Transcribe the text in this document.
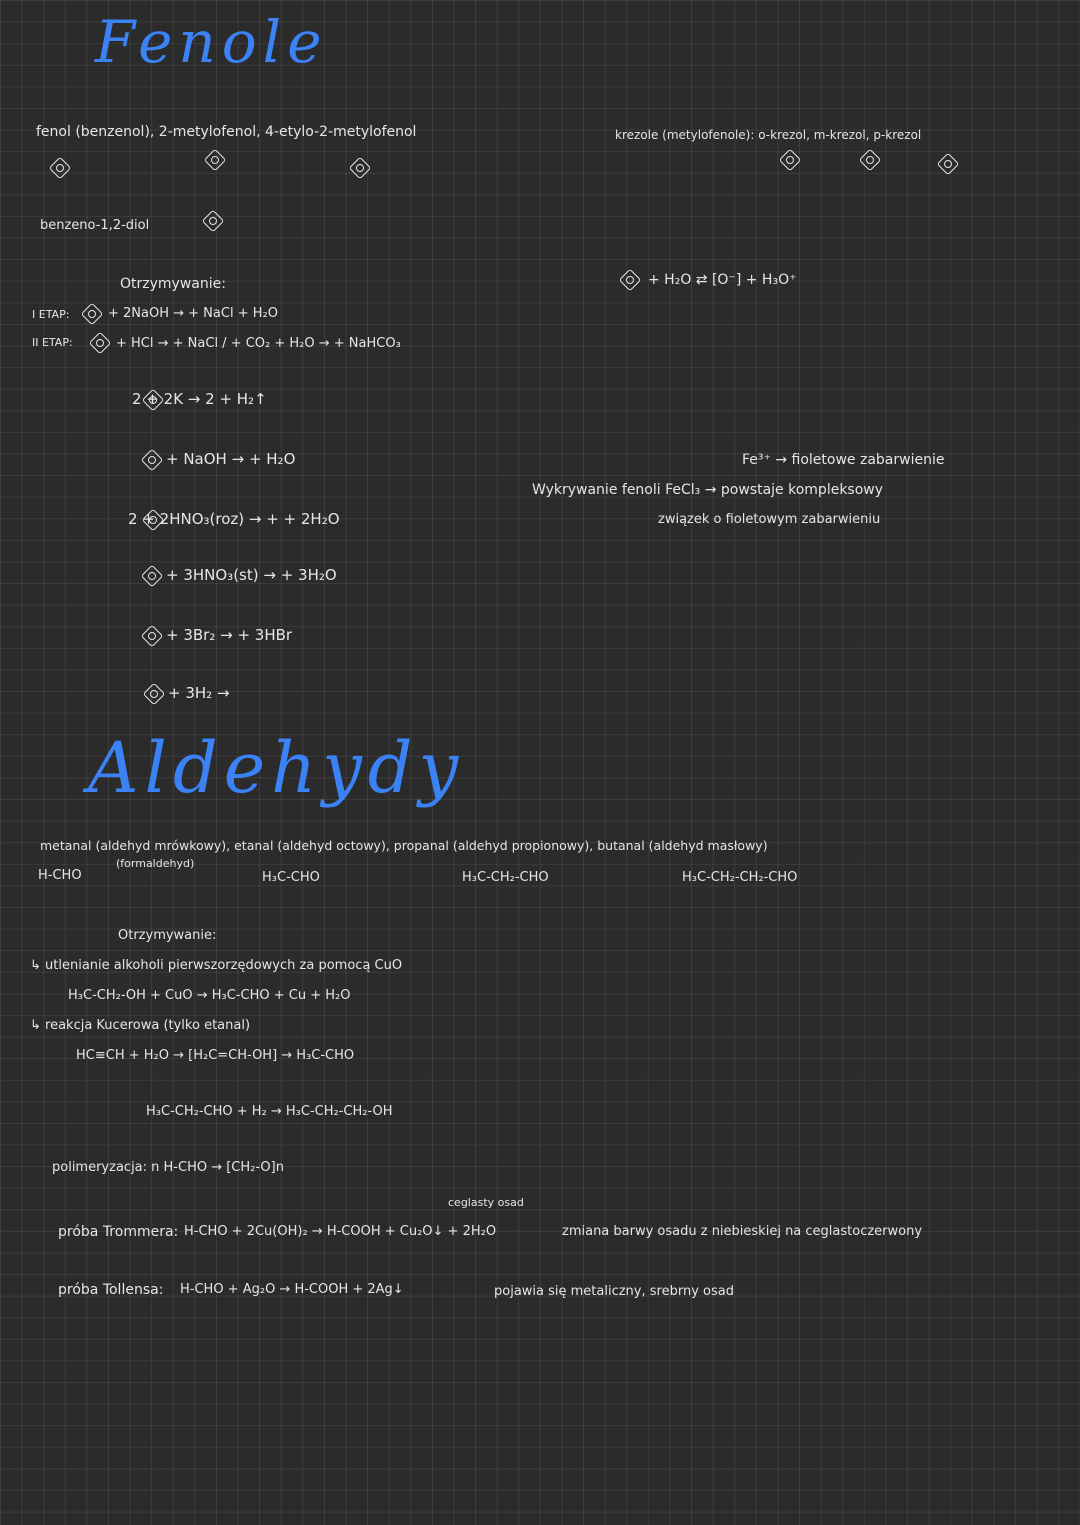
Fenole
fenol (benzenol), 2-metylofenol, 4-etylo-2-metylofenol
benzeno-1,2-diol
krezole (metylofenole): o-krezol, m-krezol, p-krezol
+ H₂O ⇄ [O⁻] + H₃O⁺
Otrzymywanie:
I ETAP:	+ 2NaOH → + NaCl + H₂O
II ETAP:	+ HCl → + NaCl / + CO₂ + H₂O → + NaHCO₃
2 + 2K → 2 + H₂↑
+ NaOH → + H₂O
2 + 2HNO₃(roz) → + + 2H₂O
+ 3HNO₃(st) → + 3H₂O
+ 3Br₂ → + 3HBr
+ 3H₂ →
Fe³⁺ → fioletowe zabarwienie
Wykrywanie fenoli FeCl₃ → powstaje kompleksowy
związek o fioletowym zabarwieniu
Aldehydy
metanal (aldehyd mrówkowy), etanal (aldehyd octowy), propanal (aldehyd propionowy), butanal (aldehyd masłowy)
(formaldehyd)
H-CHO	H₃C-CHO	H₃C-CH₂-CHO	H₃C-CH₂-CH₂-CHO
Otrzymywanie:
↳ utlenianie alkoholi pierwszorzędowych za pomocą CuO
H₃C-CH₂-OH + CuO → H₃C-CHO + Cu + H₂O
↳ reakcja Kucerowa (tylko etanal)
HC≡CH + H₂O → [H₂C=CH-OH] → H₃C-CHO
H₃C-CH₂-CHO + H₂ → H₃C-CH₂-CH₂-OH
polimeryzacja: n H-CHO → [CH₂-O]n
ceglasty osad
próba Trommera: H-CHO + 2Cu(OH)₂ → H-COOH + Cu₂O↓ + 2H₂O	zmiana barwy osadu z niebieskiej na ceglastoczerwony
próba Tollensa: H-CHO + Ag₂O → H-COOH + 2Ag↓	pojawia się metaliczny, srebrny osad
